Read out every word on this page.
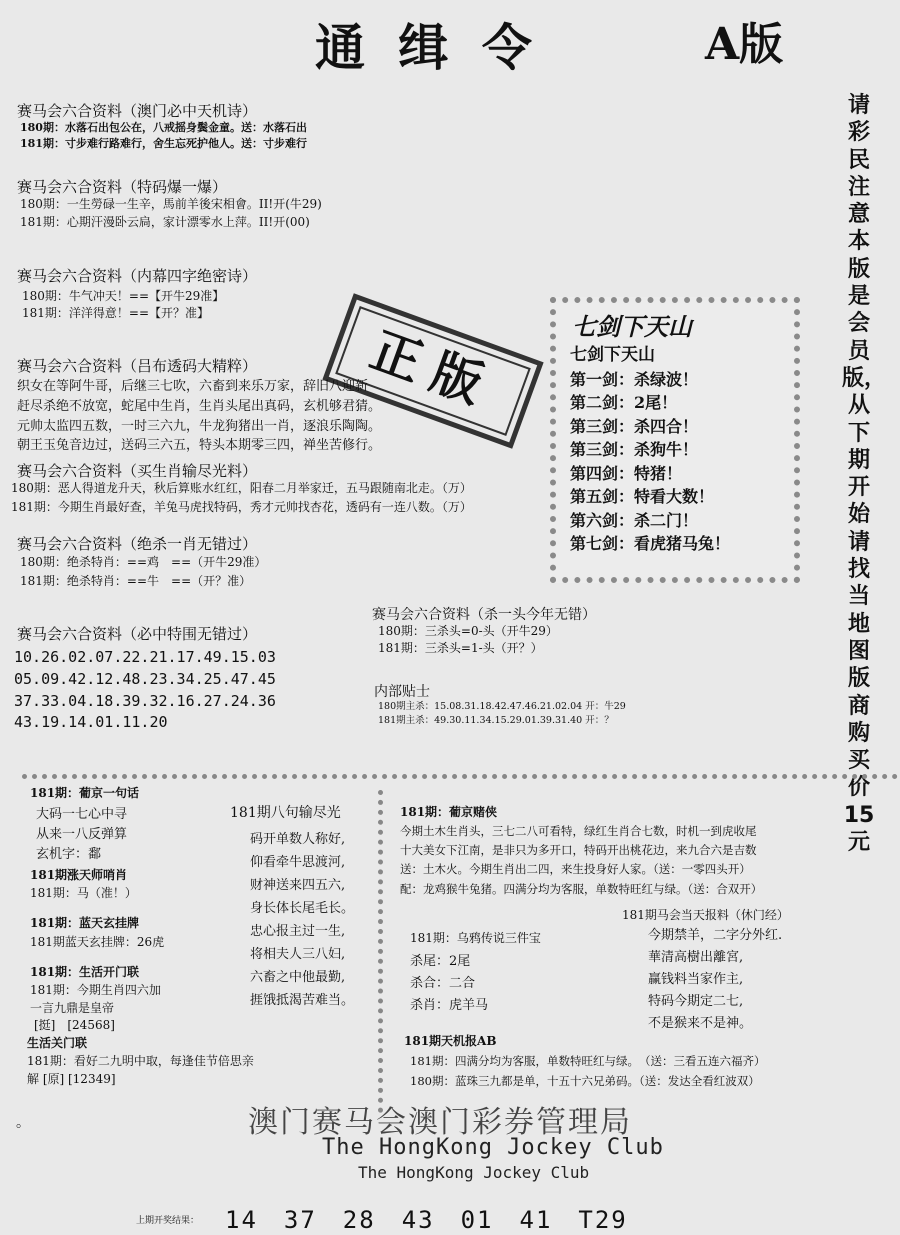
通 缉 令	A版
请彩民注意本版是会员版，从下期开始请找当地图版商购买价15元
赛马会六合资料（澳门必中天机诗）
180期：水落石出包公在，八戒摇身鬓金童。送：水落石出
181期：寸步难行路难行，舍生忘死护他人。送：寸步难行
赛马会六合资料（特码爆一爆）
180期：一生勞碌一生辛，馬前羊後宋相會。II!开(牛29)
181期：心期汗漫卧云扃，家计漂零水上萍。II!开(00)
赛马会六合资料（内幕四字绝密诗）
180期：牛气冲天！==【开牛29准】
181期：洋洋得意！==【开？准】
正版
赛马会六合资料（吕布透码大精粹）
织女在等阿牛哥，后继三七吹，六畜到来乐万家，辞旧八迎新
赶尽杀绝不放宽，蛇尾中生肖，生肖头尾出真码，玄机够君猜。
元帅太监四五数，一时三六九，牛龙狗猪出一肖，逐浪乐陶陶。
朝王玉兔音边过，送码三六五，特头本期零三四，禅坐苦修行。
赛马会六合资料（买生肖输尽光料）
180期：恶人得道龙升天，秋后算账水红红，阳春二月举家迁，五马跟随南北走。（万）
181期：今期生肖最好查，羊兔马虎找特码，秀才元帅找杏花，透码有一连八数。（万）
赛马会六合资料（绝杀一肖无错过）
180期：绝杀特肖：==鸡　==（开牛29准）
181期：绝杀特肖：==牛　==（开？准）
赛马会六合资料（必中特围无错过）
10.26.02.07.22.21.17.49.15.03
05.09.42.12.48.23.34.25.47.45
37.33.04.18.39.32.16.27.24.36
43.19.14.01.11.20
赛马会六合资料（杀一头今年无错）
180期：三杀头=0-头（开牛29）
181期：三杀头=1-头（开？）
内部贴士
180期主杀：15.08.31.18.42.47.46.21.02.04 开：牛29
181期主杀：49.30.11.34.15.29.01.39.31.40 开：？
七剑下天山
七剑下天山
第一剑：杀绿波！
第二剑：2尾！
第三剑：杀四合！
第三剑：杀狗牛！
第四剑：特猪！
第五剑：特看大数！
第六剑：杀二门！
第七剑：看虎猪马兔！
181期：葡京一句话
大码一七心中寻
从来一八反弹算
玄机字：鄱
181期涨天师哨肖
181期：马（准！）
181期：蓝天玄挂牌
181期蓝天玄挂牌：26虎
181期：生活开门联
181期：今期生肖四六加
一言九鼎是皇帝
[挺]　[24568]
生活关门联
181期：看好二九明中取，每逢佳节倍思亲
解 [原] [12349]
181期八句输尽光
码开单数人称好,
仰看牵牛思渡河,
财神送来四五六,
身长体长尾毛长。
忠心报主过一生,
将相夫人三八妇,
六畜之中他最勤,
捱饿抵渴苦难当。
181期：葡京赌侠
今期土木生肖头，三七二八可看特，绿红生肖合七数，时机一到虎收尾
十大美女下江南，是非只为多开口，特码开出桃花边，来九合六是吉数
送：土木火。今期生肖出二四，来生投身好人家。（送：一零四头开）
配：龙鸡猴牛兔猪。四满分均为客服，单数特旺红与绿。（送：合双开）
181期马会当天报料（休门经）
今期禁羊，二字分外红.
華清高樹出離宮,
赢钱料当家作主,
特码今期定二七,
不是猴来不是神。
181期：乌鸦传说三件宝
杀尾：2尾
杀合：二合
杀肖：虎羊马
181期天机报AB
181期：四满分均为客服，单数特旺红与绿。　（送：三看五连六福齐）
180期：蓝珠三九都是单，十五十六兄弟码。（送：发达全看红波双）
。	澳门赛马会澳门彩券管理局
The HongKong Jockey Club
The HongKong Jockey Club
上期开奖结果： 14　37　28　43　01　41　T29
